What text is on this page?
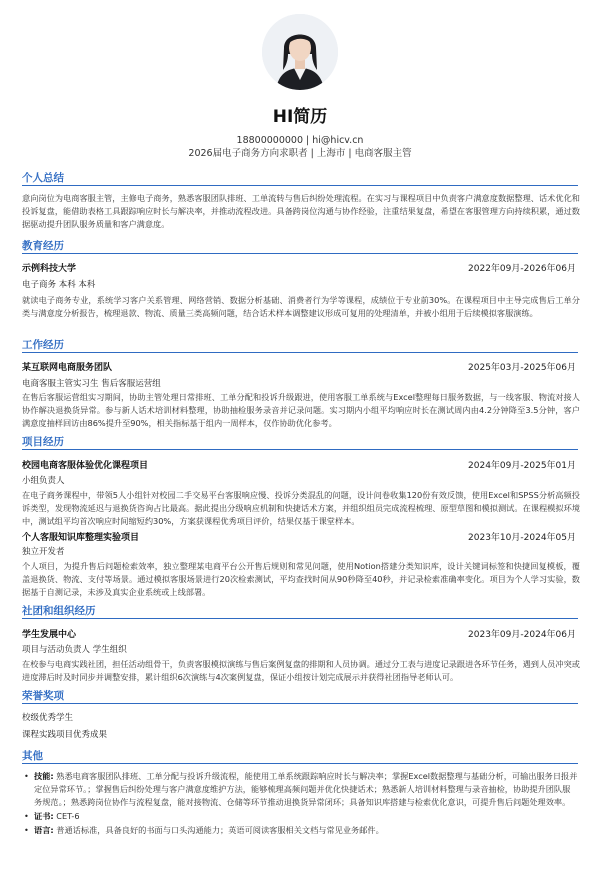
HI简历
18800000000 | hi@hicv.cn
2026届电子商务方向求职者 | 上海市 | 电商客服主管
个人总结
意向岗位为电商客服主管，主修电子商务，熟悉客服团队排班、工单流转与售后纠纷处理流程。在实习与课程项目中负责客户满意度数据整理、话术优化和投诉复盘，能借助表格工具跟踪响应时长与解决率，并推动流程改进。具备跨岗位沟通与协作经验，注重结果复盘，希望在客服管理方向持续积累，通过数据驱动提升团队服务质量和客户满意度。
教育经历
示例科技大学	2022年09月-2026年06月
电子商务 本科 本科
就读电子商务专业，系统学习客户关系管理、网络营销、数据分析基础、消费者行为学等课程，成绩位于专业前30%。在课程项目中主导完成售后工单分类与满意度分析报告，梳理退款、物流、质量三类高频问题，结合话术样本调整建议形成可复用的处理清单，并被小组用于后续模拟客服演练。
工作经历
某互联网电商服务团队	2025年03月-2025年06月
电商客服主管实习生 售后客服运营组
在售后客服运营组实习期间，协助主管处理日常排班、工单分配和投诉升级跟进，使用客服工单系统与Excel整理每日服务数据，与一线客服、物流对接人协作解决退换货异常。参与新人话术培训材料整理，协助抽检服务录音并记录问题。实习期内小组平均响应时长在测试周内由4.2分钟降至3.5分钟，客户满意度抽样回访由86%提升至90%，相关指标基于组内一周样本，仅作协助优化参考。
项目经历
校园电商客服体验优化课程项目	2024年09月-2025年01月
小组负责人
在电子商务课程中，带领5人小组针对校园二手交易平台客服响应慢、投诉分类混乱的问题，设计问卷收集120份有效反馈，使用Excel和SPSS分析高频投诉类型，发现物流延迟与退换货咨询占比最高。据此提出分级响应机制和快捷话术方案，并组织组员完成流程梳理、原型草图和模拟测试。在课程模拟环境中，测试组平均首次响应时间缩短约30%，方案获课程优秀项目评价，结果仅基于课堂样本。
个人客服知识库整理实验项目	2023年10月-2024年05月
独立开发者
个人项目，为提升售后问题检索效率，独立整理某电商平台公开售后规则和常见问题，使用Notion搭建分类知识库，设计关键词标签和快捷回复模板，覆盖退换货、物流、支付等场景。通过模拟客服场景进行20次检索测试，平均查找时间从90秒降至40秒，并记录检索准确率变化。项目为个人学习实验，数据基于自测记录，未涉及真实企业系统或上线部署。
社团和组织经历
学生发展中心	2023年09月-2024年06月
项目与活动负责人 学生组织
在校参与电商实践社团，担任活动组骨干，负责客服模拟演练与售后案例复盘的排期和人员协调。通过分工表与进度记录跟进各环节任务，遇到人员冲突或进度滞后时及时同步并调整安排，累计组织6次演练与4次案例复盘，保证小组按计划完成展示并获得社团指导老师认可。
荣誉奖项
校级优秀学生
课程实践项目优秀成果
其他
• 技能: 熟悉电商客服团队排班、工单分配与投诉升级流程，能使用工单系统跟踪响应时长与解决率；掌握Excel数据整理与基础分析，可输出服务日报并定位异常环节。；掌握售后纠纷处理与客户满意度维护方法，能够梳理高频问题并优化快捷话术；熟悉新人培训材料整理与录音抽检，协助提升团队服务规范。；熟悉跨岗位协作与流程复盘，能对接物流、仓储等环节推动退换货异常闭环；具备知识库搭建与检索优化意识，可提升售后问题处理效率。
• 证书: CET-6
• 语言: 普通话标准，具备良好的书面与口头沟通能力；英语可阅读客服相关文档与常见业务邮件。
